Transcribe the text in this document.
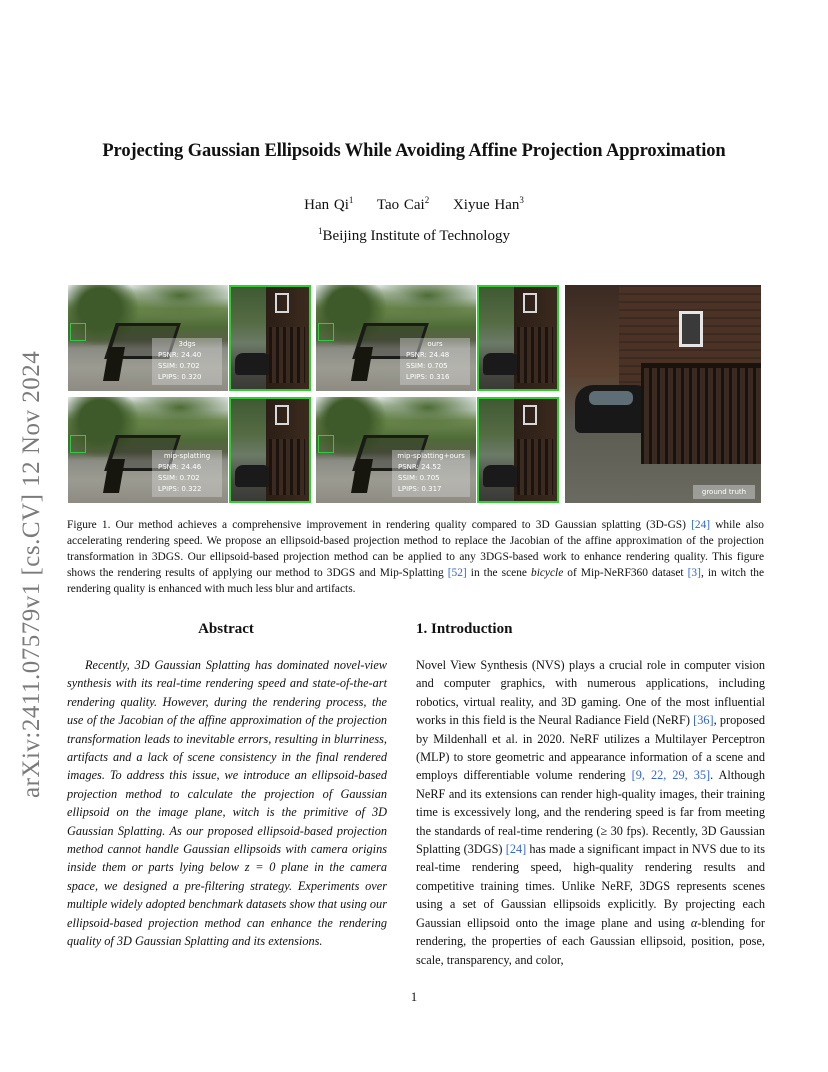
arXiv:2411.07579v1 [cs.CV] 12 Nov 2024
Projecting Gaussian Ellipsoids While Avoiding Affine Projection Approximation
Han Qi$^1$ Tao Cai$^2$ Xiyue Han$^3$
$^1$Beijing Institute of Technology
3dgs
PSNR: 24.40
SSIM: 0.702
LPIPS: 0.320
ours
PSNR: 24.48
SSIM: 0.705
LPIPS: 0.316
mip-splatting
PSNR: 24.46
SSIM: 0.702
LPIPS: 0.322
mip-splatting+ours
PSNR: 24.52
SSIM: 0.705
LPIPS: 0.317	ground truth
Figure 1. Our method achieves a comprehensive improvement in rendering quality compared to 3D Gaussian splatting (3D-GS) [24] while also accelerating rendering speed. We propose an ellipsoid-based projection method to replace the Jacobian of the affine approximation of the projection transformation in 3DGS. Our ellipsoid-based projection method can be applied to any 3DGS-based work to enhance rendering quality. This figure shows the rendering results of applying our method to 3DGS and Mip-Splatting [52] in the scene bicycle of Mip-NeRF360 dataset [3], in witch the rendering quality is enhanced with much less blur and artifacts.
Abstract	1. Introduction
Recently, 3D Gaussian Splatting has dominated novel-view synthesis with its real-time rendering speed and state-of-the-art rendering quality. However, during the rendering process, the use of the Jacobian of the affine approximation of the projection transformation leads to inevitable errors, resulting in blurriness, artifacts and a lack of scene consistency in the final rendered images. To address this issue, we introduce an ellipsoid-based projection method to calculate the projection of Gaussian ellipsoid on the image plane, witch is the primitive of 3D Gaussian Splatting. As our proposed ellipsoid-based projection method cannot handle Gaussian ellipsoids with camera origins inside them or parts lying below z = 0 plane in the camera space, we designed a pre-filtering strategy. Experiments over multiple widely adopted benchmark datasets show that using our ellipsoid-based projection method can enhance the rendering quality of 3D Gaussian Splatting and its extensions.
Novel View Synthesis (NVS) plays a crucial role in computer vision and computer graphics, with numerous applications, including robotics, virtual reality, and 3D gaming. One of the most influential works in this field is the Neural Radiance Field (NeRF) [36], proposed by Mildenhall et al. in 2020. NeRF utilizes a Multilayer Perceptron (MLP) to store geometric and appearance information of a scene and employs differentiable volume rendering [9, 22, 29, 35]. Although NeRF and its extensions can render high-quality images, their training time is excessively long, and the rendering speed is far from meeting the standards of real-time rendering (≥ 30 fps). Recently, 3D Gaussian Splatting (3DGS) [24] has made a significant impact in NVS due to its real-time rendering speed, high-quality rendering results and competitive training times. Unlike NeRF, 3DGS represents scenes using a set of Gaussian ellipsoids explicitly. By projecting each Gaussian ellipsoid onto the image plane and using α-blending for rendering, the properties of each Gaussian ellipsoid, position, pose, scale, transparency, and color,
1
